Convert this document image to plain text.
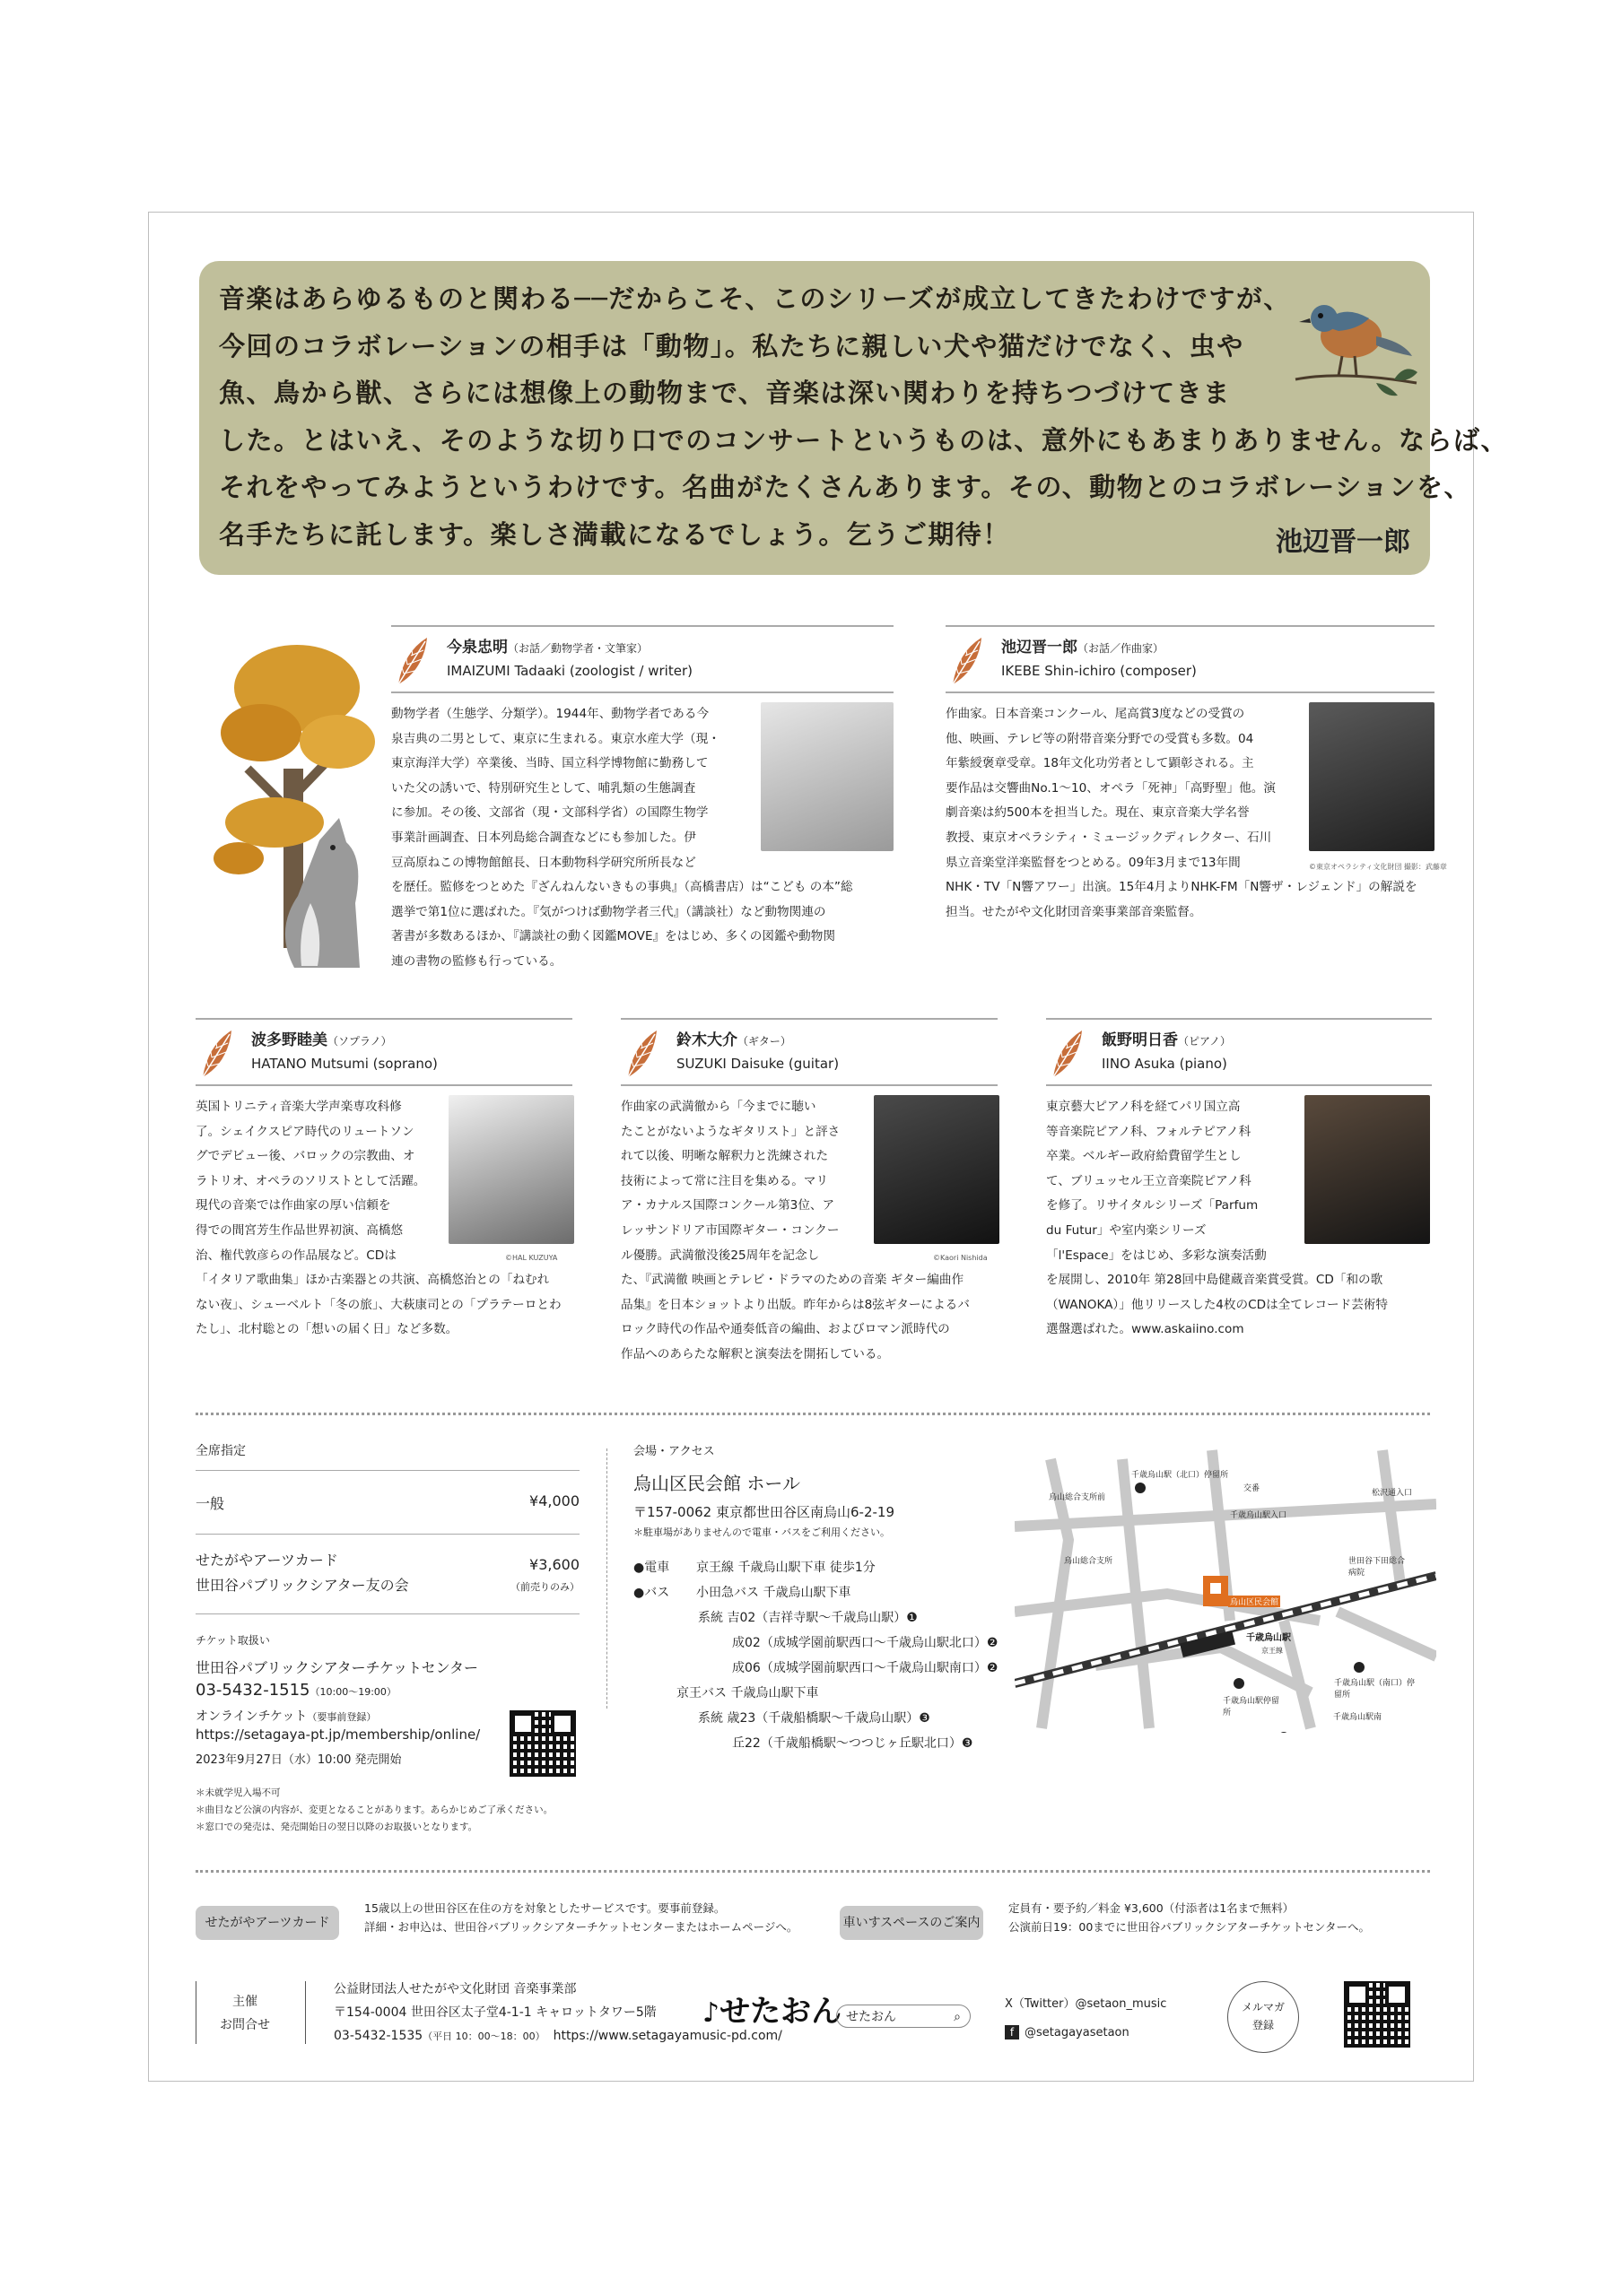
音楽はあらゆるものと関わる──だからこそ、このシリーズが成立してきたわけですが、
今回のコラボレーションの相手は「動物」。私たちに親しい犬や猫だけでなく、虫や
魚、鳥から獣、さらには想像上の動物まで、音楽は深い関わりを持ちつづけてきま
した。とはいえ、そのような切り口でのコンサートというものは、意外にもあまりありません。ならば、
それをやってみようというわけです。名曲がたくさんあります。その、動物とのコラボレーションを、
名手たちに託します。楽しさ満載になるでしょう。乞うご期待！	池辺晋一郎
今泉忠明（お話／動物学者・文筆家）
IMAIZUMI Tadaaki (zoologist / writer)
動物学者（生態学、分類学）。1944年、動物学者である今
泉吉典の二男として、東京に生まれる。東京水産大学（現・
東京海洋大学）卒業後、当時、国立科学博物館に勤務して
いた父の誘いで、特別研究生として、哺乳類の生態調査
に参加。その後、文部省（現・文部科学省）の国際生物学
事業計画調査、日本列島総合調査などにも参加した。伊
豆高原ねこの博物館館長、日本動物科学研究所所長など
を歴任。監修をつとめた『ざんねんないきもの事典』（高橋書店）は“こども の本”総
選挙で第1位に選ばれた。『気がつけば動物学者三代』（講談社）など動物関連の
著書が多数あるほか、『講談社の動く図鑑MOVE』をはじめ、多くの図鑑や動物関
連の書物の監修も行っている。
池辺晋一郎（お話／作曲家）
IKEBE Shin-ichiro (composer)
©東京オペラシティ文化財団 撮影：武藤章
作曲家。日本音楽コンクール、尾高賞3度などの受賞の
他、映画、テレビ等の附帯音楽分野での受賞も多数。04
年紫綬褒章受章。18年文化功労者として顕彰される。主
要作品は交響曲No.1〜10、オペラ「死神」「高野聖」他。演
劇音楽は約500本を担当した。現在、東京音楽大学名誉
教授、東京オペラシティ・ミュージックディレクター、石川
県立音楽堂洋楽監督をつとめる。09年3月まで13年間
NHK・TV「N響アワー」出演。15年4月よりNHK-FM「N響ザ・レジェンド」の解説を
担当。せたがや文化財団音楽事業部音楽監督。
波多野睦美（ソプラノ）
HATANO Mutsumi (soprano)
©HAL KUZUYA
英国トリニティ音楽大学声楽専攻科修
了。シェイクスピア時代のリュートソン
グでデビュー後、バロックの宗教曲、オ
ラトリオ、オペラのソリストとして活躍。
現代の音楽では作曲家の厚い信頼を
得での間宮芳生作品世界初演、高橋悠
治、権代敦彦らの作品展など。CDは
「イタリア歌曲集」ほか古楽器との共演、高橋悠治との「ねむれ
ない夜」、シューベルト「冬の旅」、大萩康司との「プラテーロとわ
たし」、北村聡との「想いの届く日」など多数。
鈴木大介（ギター）
SUZUKI Daisuke (guitar)
©Kaori Nishida
作曲家の武満徹から「今までに聴い
たことがないようなギタリスト」と評さ
れて以後、明晰な解釈力と洗練された
技術によって常に注目を集める。マリ
ア・カナルス国際コンクール第3位、ア
レッサンドリア市国際ギター・コンクー
ル優勝。武満徹没後25周年を記念し
た、『武満徹 映画とテレビ・ドラマのための音楽 ギター編曲作
品集』を日本ショットより出版。昨年からは8弦ギターによるバ
ロック時代の作品や通奏低音の編曲、およびロマン派時代の
作品へのあらたな解釈と演奏法を開拓している。
飯野明日香（ピアノ）
IINO Asuka (piano)
東京藝大ピアノ科を経てパリ国立高
等音楽院ピアノ科、フォルテピアノ科
卒業。ベルギー政府給費留学生とし
て、ブリュッセル王立音楽院ピアノ科
を修了。リサイタルシリーズ「Parfum
du Futur」や室内楽シリーズ
「l'Espace」をはじめ、多彩な演奏活動
を展開し、2010年 第28回中島健蔵音楽賞受賞。CD「和の歌
（WANOKA）」他リリースした4枚のCDは全てレコード芸術特
選盤選ばれた。www.askaiino.com
全席指定
一般	¥4,000
せたがやアーツカード
世田谷パブリックシアター友の会
¥3,600
（前売りのみ）
チケット取扱い
世田谷パブリックシアターチケットセンター
03-5432-1515（10:00〜19:00）
オンラインチケット（要事前登録）
https://setagaya-pt.jp/membership/online/
2023年9月27日（水）10:00 発売開始
＊未就学児入場不可
＊曲目など公演の内容が、変更となることがあります。あらかじめご了承ください。
＊窓口での発売は、発売開始日の翌日以降のお取扱いとなります。
会場・アクセス
烏山区民会館 ホール
〒157-0062 東京都世田谷区南烏山6-2-19
＊駐車場がありませんので電車・バスをご利用ください。
●電車 京王線 千歳烏山駅下車 徒歩1分
●バス 小田急バス 千歳烏山駅下車
系統 吉02（吉祥寺駅〜千歳烏山駅）❶
成02（成城学園前駅西口〜千歳烏山駅北口）❷
成06（成城学園前駅西口〜千歳烏山駅南口）❷
京王バス 千歳烏山駅下車
系統 歳23（千歳船橋駅〜千歳烏山駅）❸
丘22（千歳船橋駅〜つつじヶ丘駅北口）❸
千歳烏山駅（北口）停留所
烏山総合支所前
交番	松沢通入口
千歳烏山駅入口
烏山総合支所	世田谷下田総合病院
烏山区民会館
千歳烏山駅
京王線
千歳烏山駅（南口）停留所
千歳烏山駅停留所	千歳烏山駅南
せたがやアーツカード
15歳以上の世田谷区在住の方を対象としたサービスです。要事前登録。
詳細・お申込は、世田谷パブリックシアターチケットセンターまたはホームページへ。	車いすスペースのご案内
定員有・要予約／料金 ¥3,600（付添者は1名まで無料）
公演前日19：00までに世田谷パブリックシアターチケットセンターへ。
主催
お問合せ
公益財団法人せたがや文化財団 音楽事業部
〒154-0004 世田谷区太子堂4-1-1 キャロットタワー5階
03-5432-1535（平日 10：00〜18：00） https://www.setagayamusic-pd.com/
♪せたおん せたおん	⌕
X（Twitter）@setaon_music
f @setagayasetaon
メルマガ
登録
